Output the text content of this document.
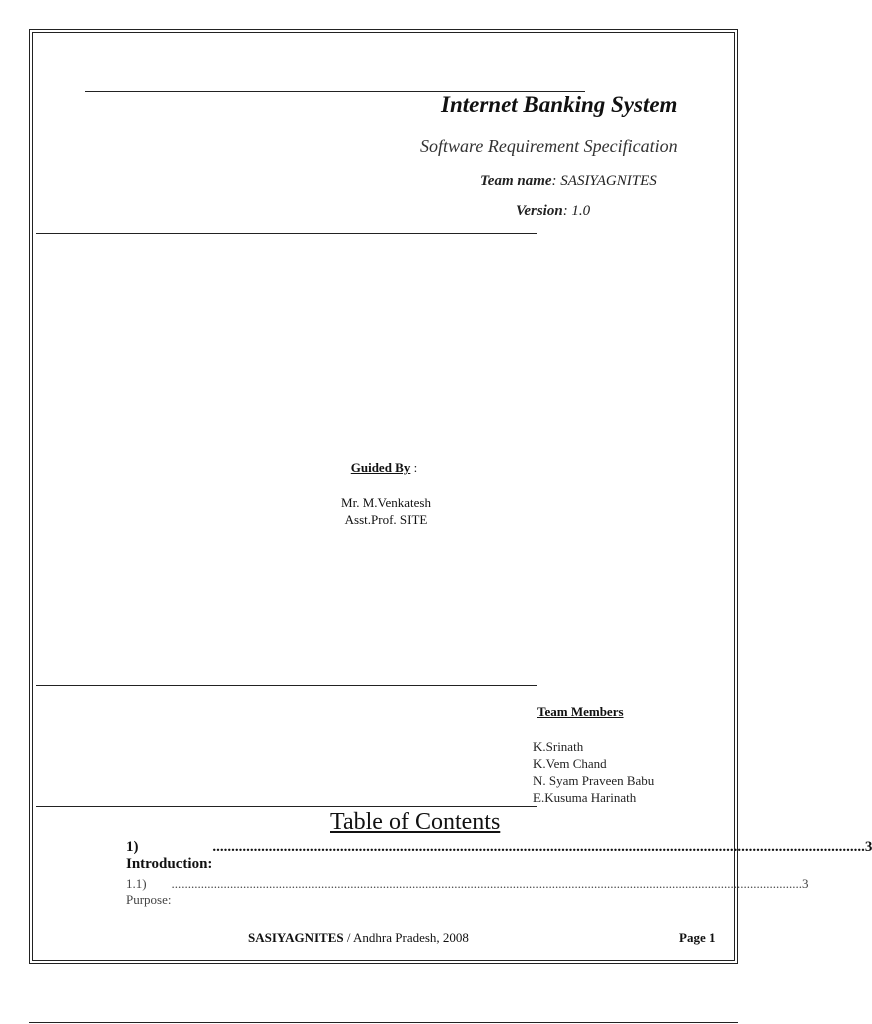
Internet Banking System
Software Requirement Specification
Team name: SASIYAGNITES
Version: 1.0
Guided By :
Mr. M.Venkatesh
Asst.Prof. SITE
Team Members
K.Srinath
K.Vem Chand
N. Syam Praveen Babu
E.Kusuma Harinath
Table of Contents
1) Introduction:
.............................................................................................................................................................................. 3
1.1) Purpose:
.................................................................................................................................................................................................. 3
SASIYAGNITES / Andhra Pradesh, 2008	Page 1
